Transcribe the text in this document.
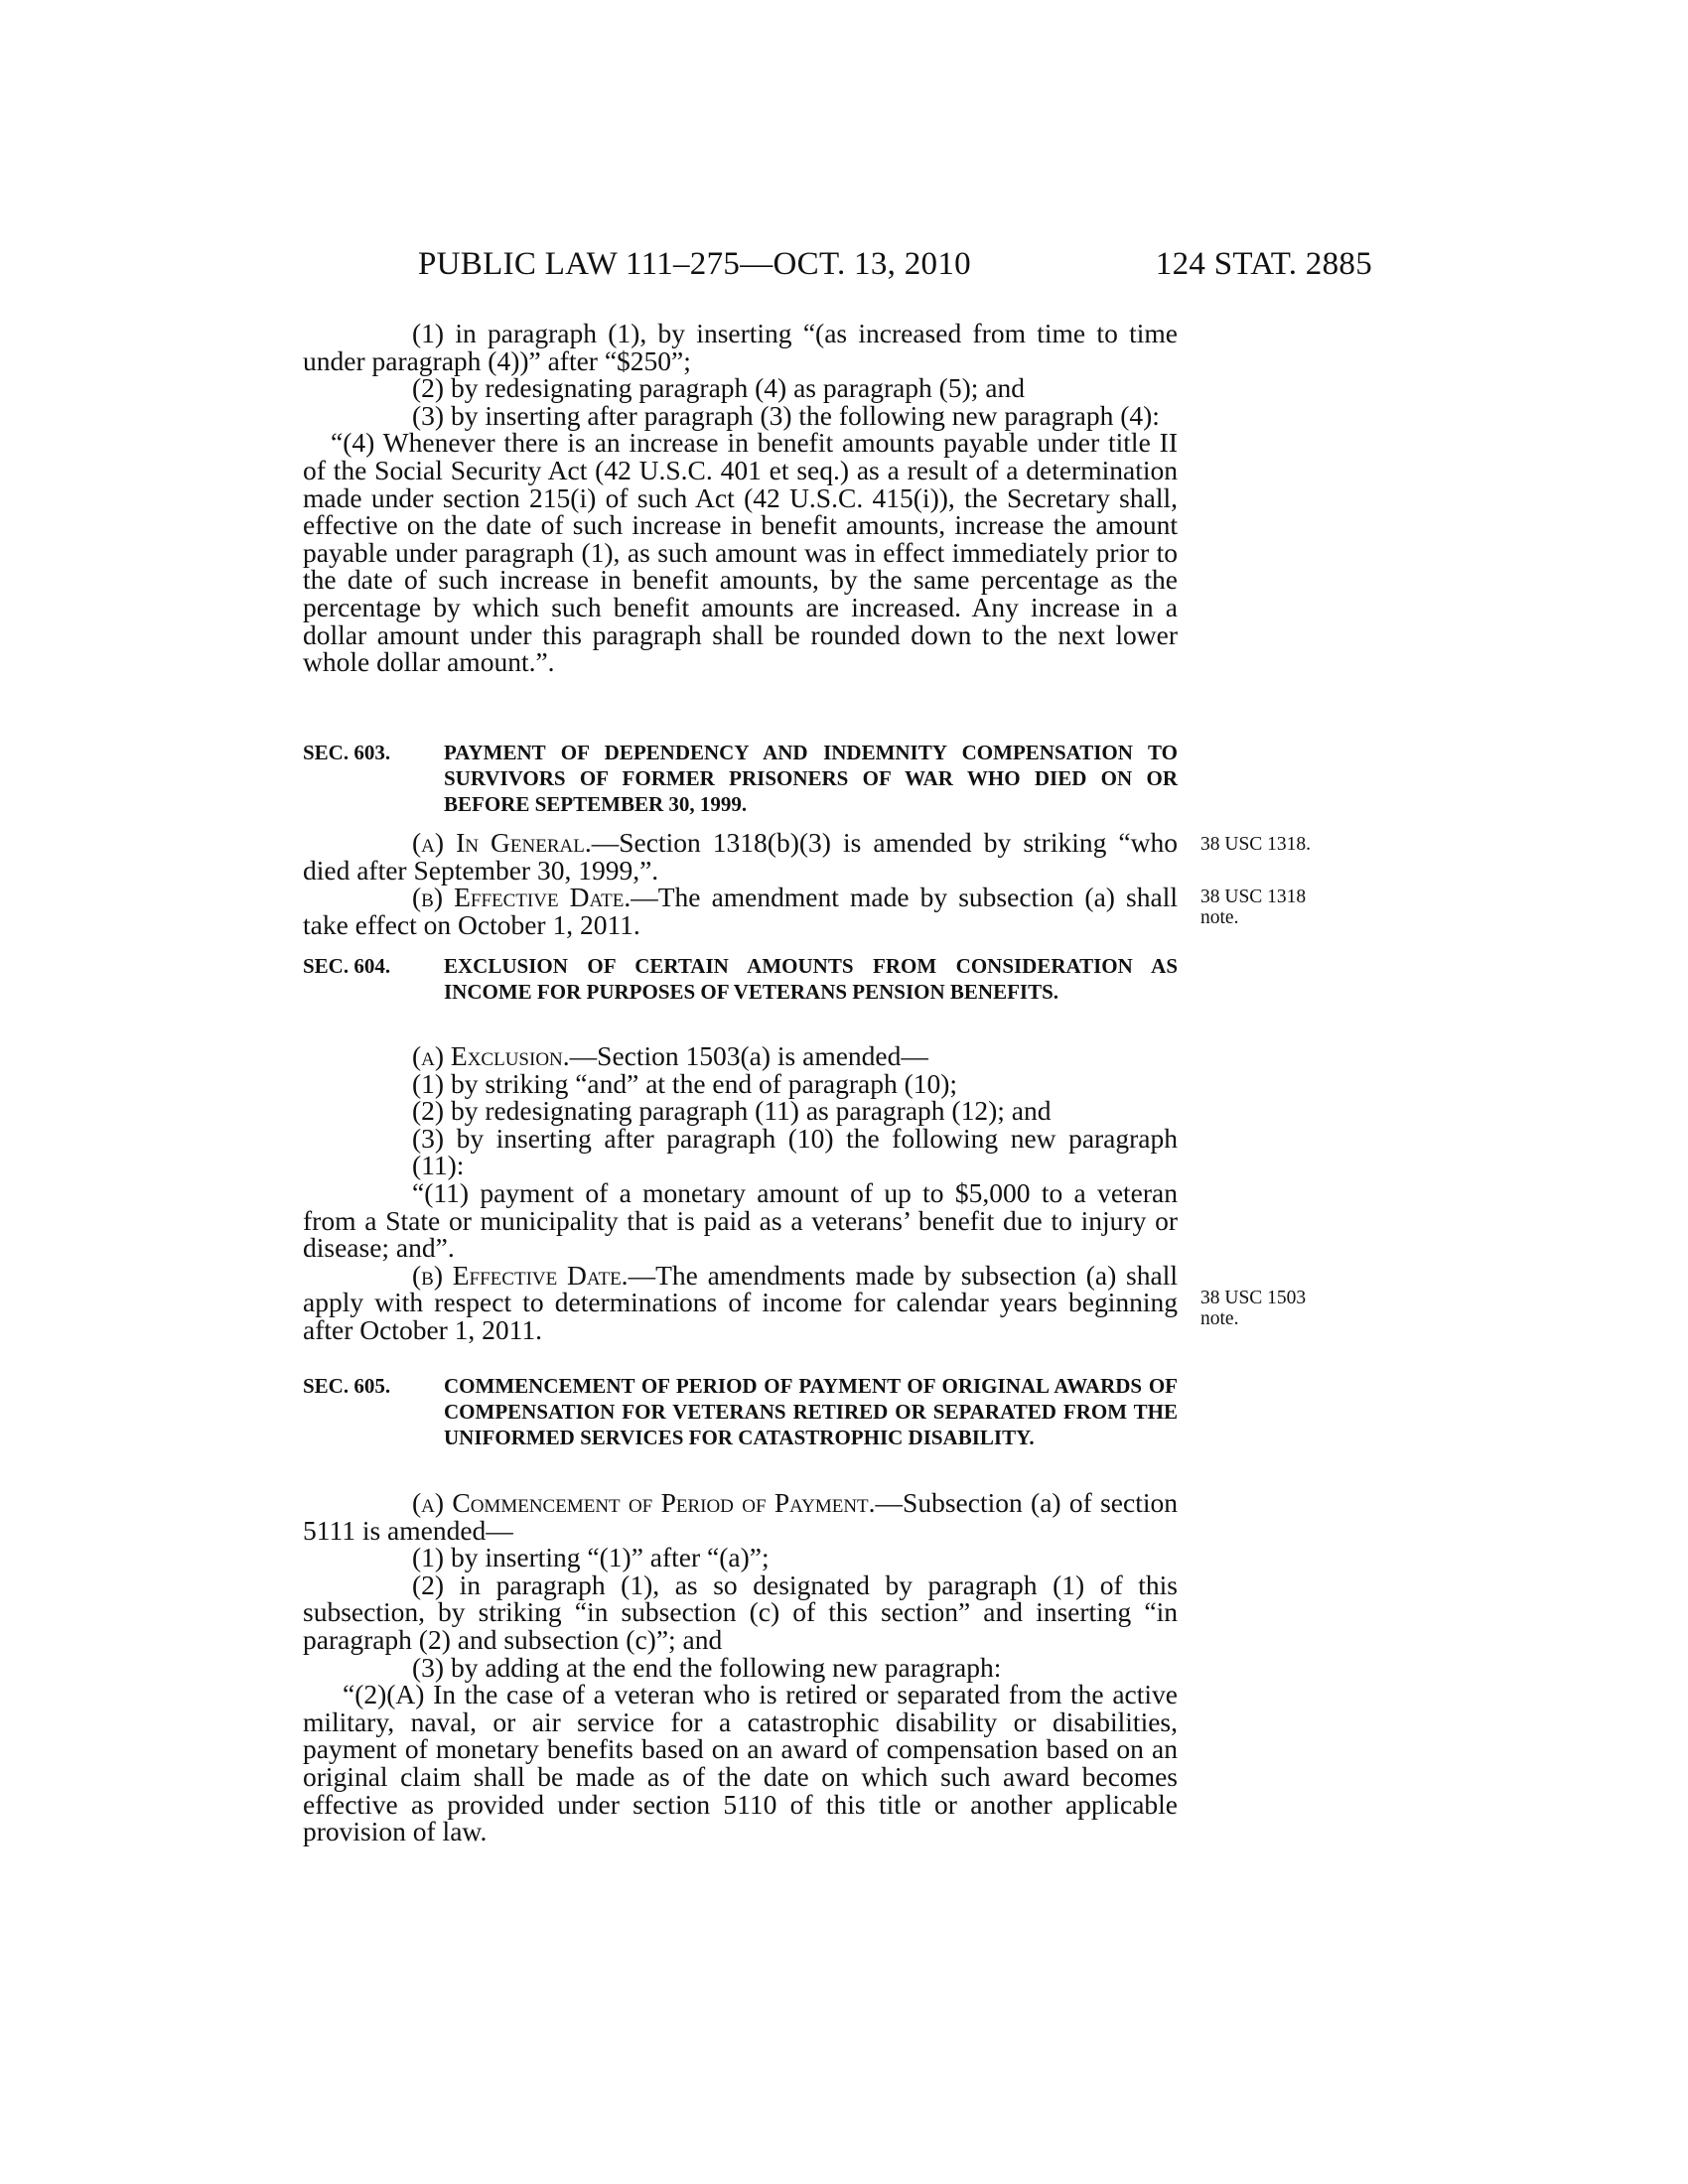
PUBLIC LAW 111–275—OCT. 13, 2010	124 STAT. 2885

(1) in paragraph (1), by inserting “(as increased from time to time under paragraph (4))” after “$250”;

(2) by redesignating paragraph (4) as paragraph (5); and

(3) by inserting after paragraph (3) the following new paragraph (4):

“(4) Whenever there is an increase in benefit amounts payable under title II of the Social Security Act (42 U.S.C. 401 et seq.) as a result of a determination made under section 215(i) of such Act (42 U.S.C. 415(i)), the Secretary shall, effective on the date of such increase in benefit amounts, increase the amount payable under paragraph (1), as such amount was in effect immediately prior to the date of such increase in benefit amounts, by the same percentage as the percentage by which such benefit amounts are increased. Any increase in a dollar amount under this paragraph shall be rounded down to the next lower whole dollar amount.”.

SEC. 603.	PAYMENT OF DEPENDENCY AND INDEMNITY COMPENSATION TO SURVIVORS OF FORMER PRISONERS OF WAR WHO DIED ON OR BEFORE SEPTEMBER 30, 1999.

(a) In General.—Section 1318(b)(3) is amended by striking “who died after September 30, 1999,”.

(b) Effective Date.—The amendment made by subsection (a) shall take effect on October 1, 2011.

38 USC 1318.
38 USC 1318 note.
SEC. 604.	EXCLUSION OF CERTAIN AMOUNTS FROM CONSIDERATION AS INCOME FOR PURPOSES OF VETERANS PENSION BENEFITS.

(a) Exclusion.—Section 1503(a) is amended—

(1) by striking “and” at the end of paragraph (10);

(2) by redesignating paragraph (11) as paragraph (12); and

(3) by inserting after paragraph (10) the following new paragraph (11):

“(11) payment of a monetary amount of up to $5,000 to a veteran from a State or municipality that is paid as a veterans’ benefit due to injury or disease; and”.

(b) Effective Date.—The amendments made by subsection (a) shall apply with respect to determinations of income for calendar years beginning after October 1, 2011.

38 USC 1503 note.
SEC. 605.	COMMENCEMENT OF PERIOD OF PAYMENT OF ORIGINAL AWARDS OF COMPENSATION FOR VETERANS RETIRED OR SEPARATED FROM THE UNIFORMED SERVICES FOR CATASTROPHIC DISABILITY.

(a) Commencement of Period of Payment.—Subsection (a) of section 5111 is amended—

(1) by inserting “(1)” after “(a)”;

(2) in paragraph (1), as so designated by paragraph (1) of this subsection, by striking “in subsection (c) of this section” and inserting “in paragraph (2) and subsection (c)”; and

(3) by adding at the end the following new paragraph:

“(2)(A) In the case of a veteran who is retired or separated from the active military, naval, or air service for a catastrophic disability or disabilities, payment of monetary benefits based on an award of compensation based on an original claim shall be made as of the date on which such award becomes effective as provided under section 5110 of this title or another applicable provision of law.
